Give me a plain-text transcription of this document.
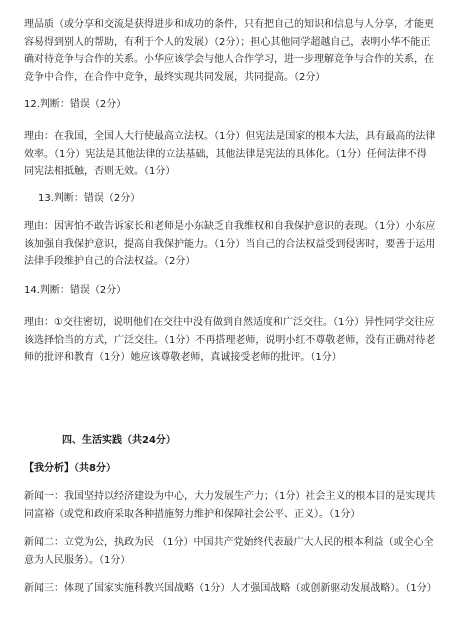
理品质（或分享和交流是获得进步和成功的条件，只有把自己的知识和信息与人分享，才能更容易得到别人的帮助，有利于个人的发展）（2分）；担心其他同学超越自己，表明小华不能正确对待竞争与合作的关系。小华应该学会与他人合作学习，进一步理解竞争与合作的关系，在竞争中合作，在合作中竞争，最终实现共同发展，共同提高。（2分）

12.判断：错误（2分）

理由：在我国，全国人大行使最高立法权。（1分）但宪法是国家的根本大法，具有最高的法律效率。（1分）宪法是其他法律的立法基础，其他法律是宪法的具体化。（1分）任何法律不得同宪法相抵触，否则无效。（1分）

13.判断：错误（2分）

理由：因害怕不敢告诉家长和老师是小东缺乏自我维权和自我保护意识的表现。（1分）小东应该加强自我保护意识，提高自我保护能力。（1分）当自己的合法权益受到侵害时，要善于运用法律手段维护自己的合法权益。（2分）

14.判断：错误（2分）

理由：①交往密切，说明他们在交往中没有做到自然适度和广泛交往。（1分）异性同学交往应该选择恰当的方式，广泛交往。（1分）不再搭理老师，说明小红不尊敬老师，没有正确对待老师的批评和教育（1分）她应该尊敬老师，真诚接受老师的批评。（1分）

四、生活实践（共24分）

【我分析】（共8分）

新闻一：我国坚持以经济建设为中心，大力发展生产力；（1分）社会主义的根本目的是实现共同富裕（或党和政府采取各种措施努力维护和保障社会公平、正义）。（1分）

新闻二：立党为公，执政为民 （1分）中国共产党始终代表最广大人民的根本利益（或全心全意为人民服务）。（1分）

新闻三：体现了国家实施科教兴国战略（1分）人才强国战略（或创新驱动发展战略）。（1分）
